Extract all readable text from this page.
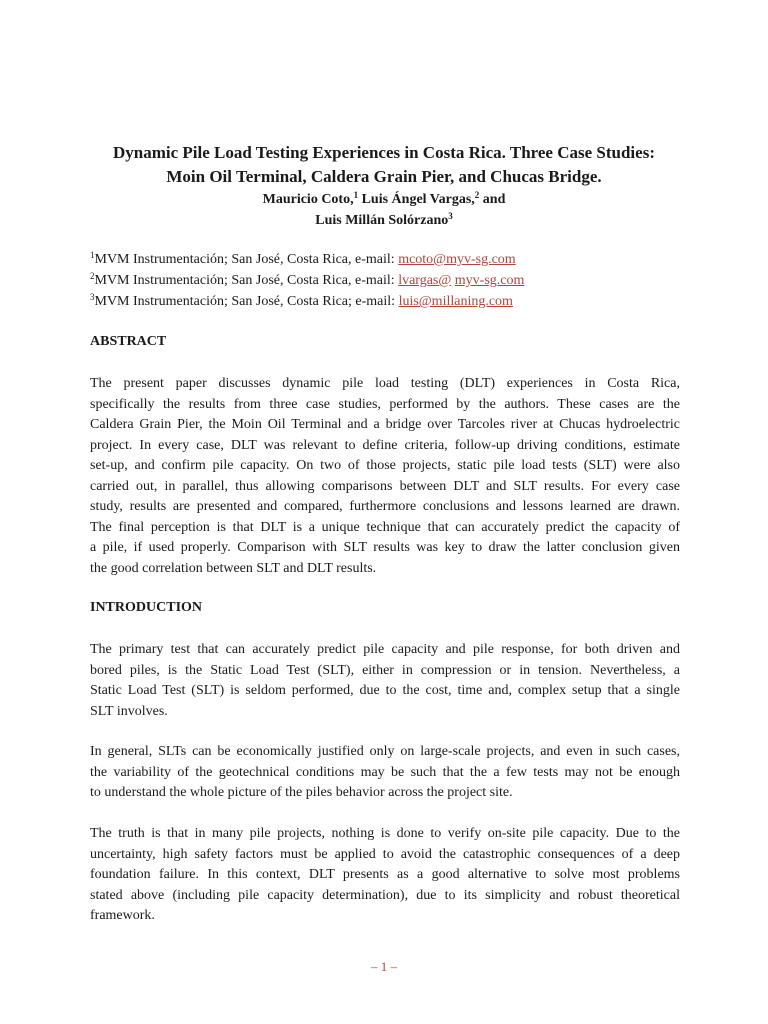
Dynamic Pile Load Testing Experiences in Costa Rica. Three Case Studies:
Moin Oil Terminal, Caldera Grain Pier, and Chucas Bridge.
Mauricio Coto,$^1$ Luis Ángel Vargas,$^2$ and
Luis Millán Solórzano$^3$
$^1$MVM Instrumentación; San José, Costa Rica, e-mail: mcoto@myv-sg.com
$^2$MVM Instrumentación; San José, Costa Rica, e-mail: lvargas@ myv-sg.com
$^3$MVM Instrumentación; San José, Costa Rica; e-mail: luis@millaning.com
ABSTRACT

The present paper discusses dynamic pile load testing (DLT) experiences in Costa Rica,
specifically the results from three case studies, performed by the authors. These cases are the
Caldera Grain Pier, the Moin Oil Terminal and a bridge over Tarcoles river at Chucas hydroelectric
project. In every case, DLT was relevant to define criteria, follow-up driving conditions, estimate
set-up, and confirm pile capacity. On two of those projects, static pile load tests (SLT) were also
carried out, in parallel, thus allowing comparisons between DLT and SLT results. For every case
study, results are presented and compared, furthermore conclusions and lessons learned are drawn.
The final perception is that DLT is a unique technique that can accurately predict the capacity of
a pile, if used properly. Comparison with SLT results was key to draw the latter conclusion given
the good correlation between SLT and DLT results.

INTRODUCTION

The primary test that can accurately predict pile capacity and pile response, for both driven and
bored piles, is the Static Load Test (SLT), either in compression or in tension. Nevertheless, a
Static Load Test (SLT) is seldom performed, due to the cost, time and, complex setup that a single
SLT involves.

In general, SLTs can be economically justified only on large-scale projects, and even in such cases,
the variability of the geotechnical conditions may be such that the a few tests may not be enough
to understand the whole picture of the piles behavior across the project site.

The truth is that in many pile projects, nothing is done to verify on-site pile capacity. Due to the
uncertainty, high safety factors must be applied to avoid the catastrophic consequences of a deep
foundation failure. In this context, DLT presents as a good alternative to solve most problems
stated above (including pile capacity determination), due to its simplicity and robust theoretical
framework.

– 1 –
